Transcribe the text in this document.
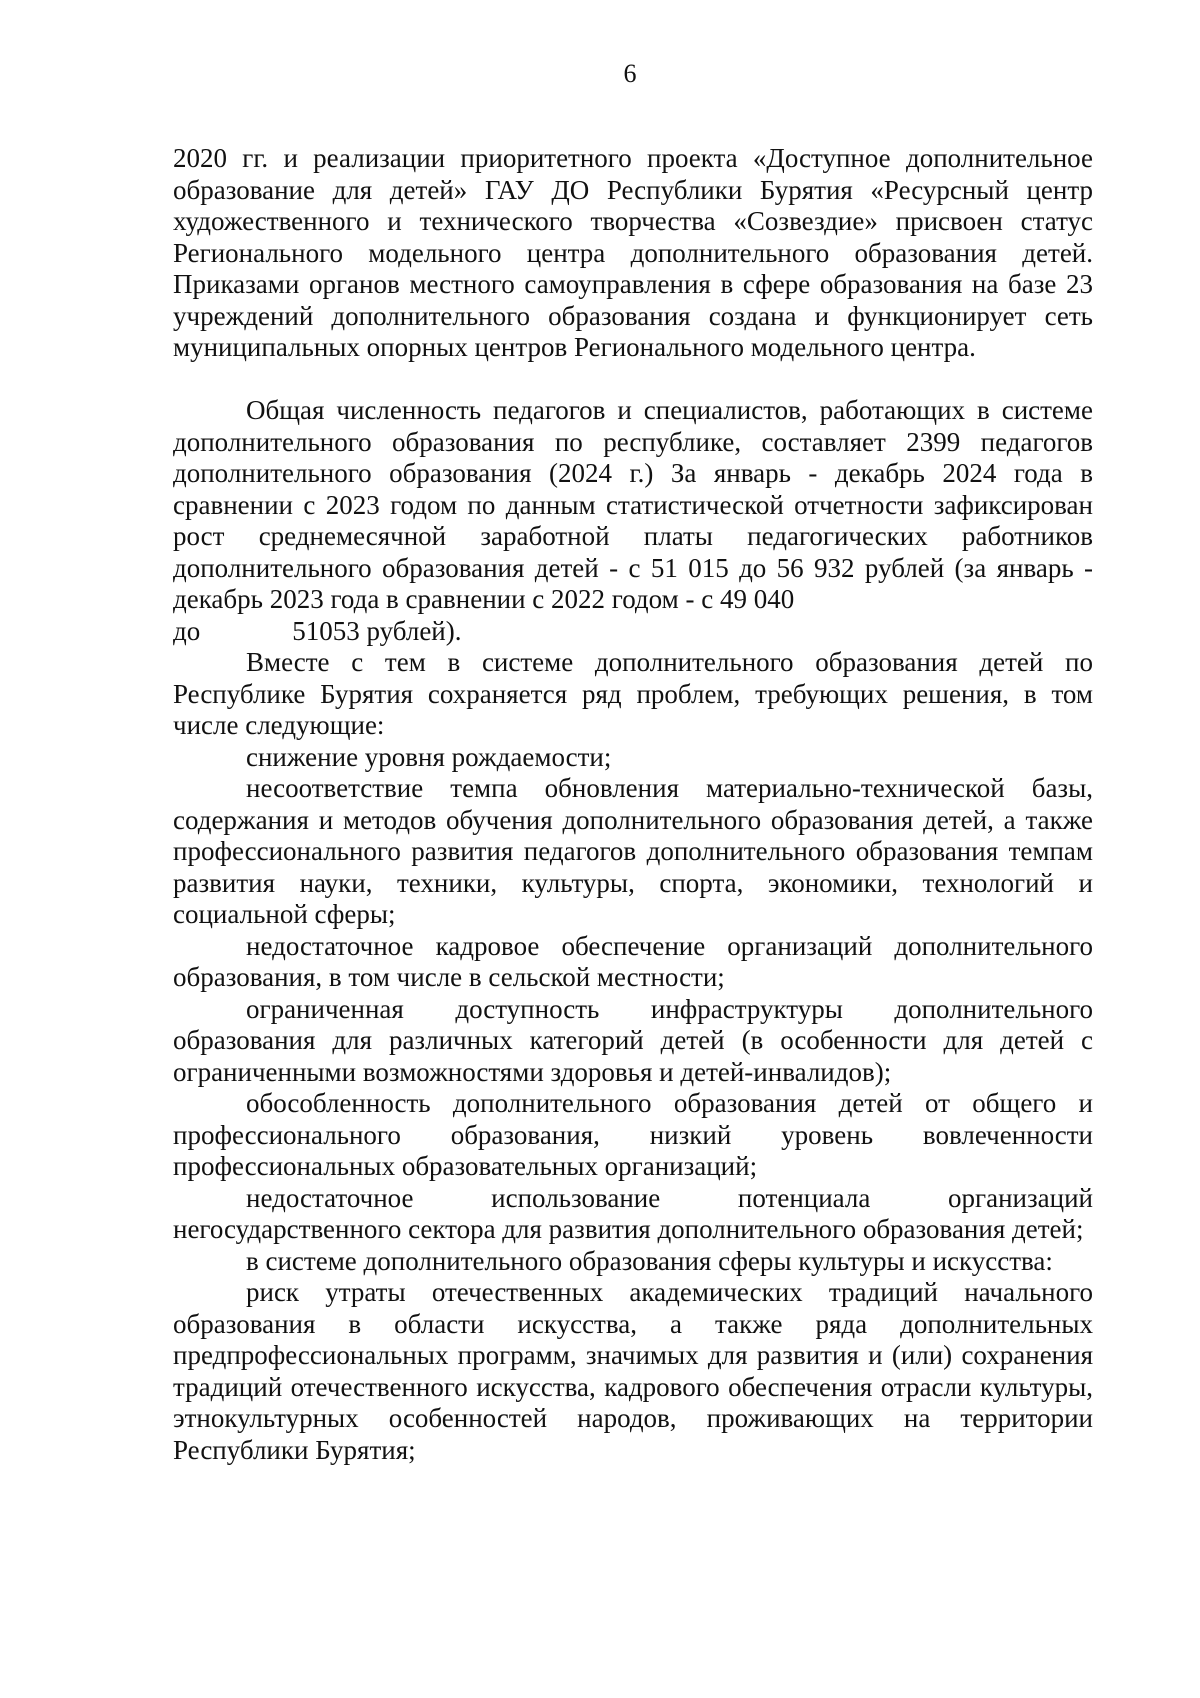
6

2020 гг. и реализации приоритетного проекта «Доступное дополнительное образование для детей» ГАУ ДО Республики Бурятия «Ресурсный центр художественного и технического творчества «Созвездие» присвоен статус Регионального модельного центра дополнительного образования детей. Приказами органов местного самоуправления в сфере образования на базе 23 учреждений дополнительного образования создана и функционирует сеть муниципальных опорных центров Регионального модельного центра.

Общая численность педагогов и специалистов, работающих в системе дополнительного образования по республике, составляет 2399 педагогов дополнительного образования (2024 г.) За январь - декабрь 2024 года в сравнении с 2023 годом по данным статистической отчетности зафиксирован рост среднемесячной заработной платы педагогических работников дополнительного образования детей - с 51 015 до 56 932 рублей (за январь - декабрь 2023 года в сравнении с 2022 годом - с 49 040

до	51053 рублей).

Вместе с тем в системе дополнительного образования детей по Республике Бурятия сохраняется ряд проблем, требующих решения, в том числе следующие:

снижение уровня рождаемости;

несоответствие темпа обновления материально-технической базы, содержания и методов обучения дополнительного образования детей, а также профессионального развития педагогов дополнительного образования темпам развития науки, техники, культуры, спорта, экономики, технологий и социальной сферы;

недостаточное кадровое обеспечение организаций дополнительного образования, в том числе в сельской местности;

ограниченная доступность инфраструктуры дополнительного образования для различных категорий детей (в особенности для детей с ограниченными возможностями здоровья и детей-инвалидов);

обособленность дополнительного образования детей от общего и профессионального образования, низкий уровень вовлеченности профессиональных образовательных организаций;

недостаточное использование потенциала организаций негосударственного сектора для развития дополнительного образования детей;

в системе дополнительного образования сферы культуры и искусства:

риск утраты отечественных академических традиций начального образования в области искусства, а также ряда дополнительных предпрофессиональных программ, значимых для развития и (или) сохранения традиций отечественного искусства, кадрового обеспечения отрасли культуры, этнокультурных особенностей народов, проживающих на территории Республики Бурятия;
